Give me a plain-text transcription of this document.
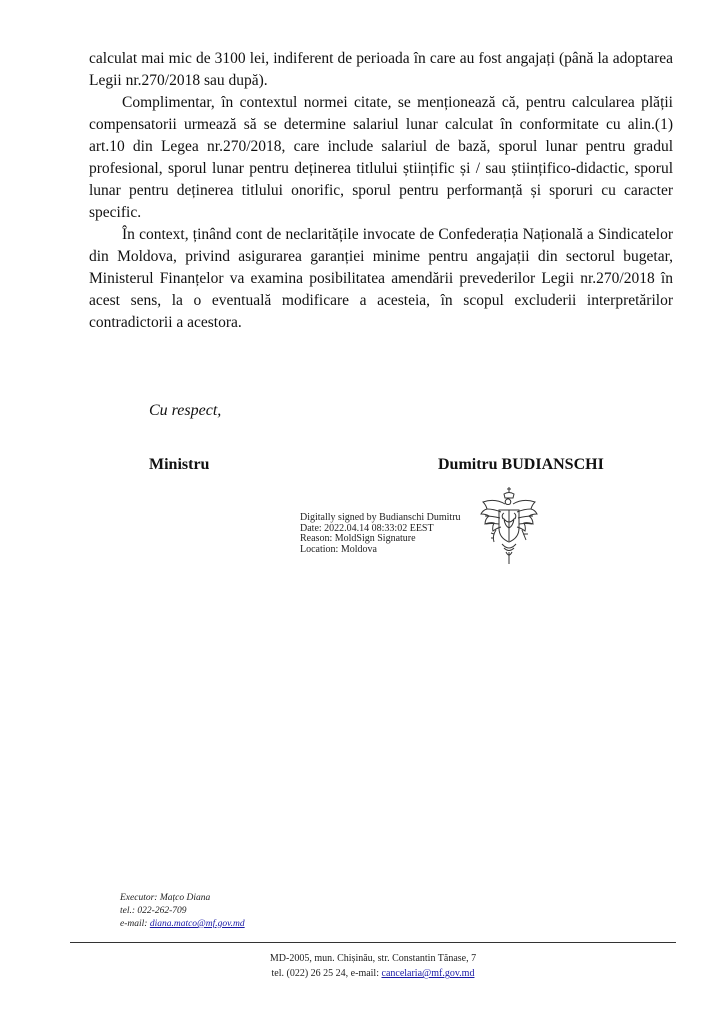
calculat mai mic de 3100 lei, indiferent de perioada în care au fost angajați (până la adoptarea Legii nr.270/2018 sau după).

Complimentar, în contextul normei citate, se menționează că, pentru calcularea plății compensatorii urmează să se determine salariul lunar calculat în conformitate cu alin.(1) art.10 din Legea nr.270/2018, care include salariul de bază, sporul lunar pentru gradul profesional, sporul lunar pentru deținerea titlului științific și / sau științifico-didactic, sporul lunar pentru deținerea titlului onorific, sporul pentru performanță și sporuri cu caracter specific.

În context, ținând cont de neclaritățile invocate de Confederația Națională a Sindicatelor din Moldova, privind asigurarea garanției minime pentru angajații din sectorul bugetar, Ministerul Finanțelor va examina posibilitatea amendării prevederilor Legii nr.270/2018 în acest sens, la o eventuală modificare a acesteia, în scopul excluderii interpretărilor contradictorii a acestora.

Cu respect,
Ministru	Dumitru BUDIANSCHI
Digitally signed by Budianschi Dumitru
Date: 2022.04.14 08:33:02 EEST
Reason: MoldSign Signature
Location: Moldova
Executor: Mațco Diana
tel.: 022-262-709
e-mail: diana.matco@mf.gov.md
MD-2005, mun. Chișinău, str. Constantin Tănase, 7
tel. (022) 26 25 24, e-mail: cancelaria@mf.gov.md
